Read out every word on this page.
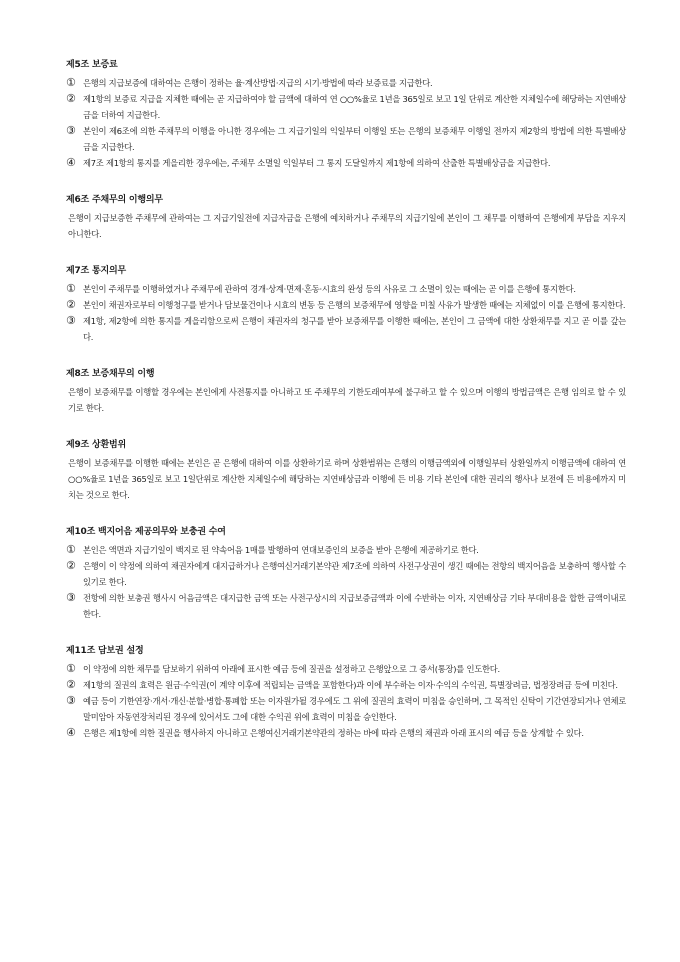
제5조 보증료
① 은행의 지급보증에 대하여는 은행이 정하는 율·계산방법·지급의 시기·방법에 따라 보증료를 지급한다.
② 제1항의 보증료 지급을 지체한 때에는 곧 지급하여야 할 금액에 대하여 연 ○○%율로 1년을 365일로 보고 1일 단위로 계산한 지체일수에 해당하는 지연배상금을 더하여 지급한다.
③ 본인이 제6조에 의한 주채무의 이행을 아니한 경우에는 그 지급기일의 익일부터 이행일 또는 은행의 보증채무 이행일 전까지 제2항의 방법에 의한 특별배상금을 지급한다.
④ 제7조 제1항의 통지를 게을리한 경우에는, 주채무 소멸일 익일부터 그 통지 도달일까지 제1항에 의하여 산출한 특별배상금을 지급한다.
제6조 주채무의 이행의무
은행이 지급보증한 주채무에 관하여는 그 지급기일전에 지급자금을 은행에 예치하거나 주채무의 지급기일에 본인이 그 채무를 이행하여 은행에게 부담을 지우지 아니한다.
제7조 통지의무
① 본인이 주채무를 이행하였거나 주채무에 관하여 경개·상계·면제·혼동·시효의 완성 등의 사유로 그 소멸이 있는 때에는 곧 이를 은행에 통지한다.
② 본인이 채권자로부터 이행청구를 받거나 담보물건이나 시효의 변동 등 은행의 보증채무에 영향을 미칠 사유가 발생한 때에는 지체없이 이를 은행에 통지한다.
③ 제1항, 제2항에 의한 통지를 게을리함으로써 은행이 채권자의 청구를 받아 보증채무를 이행한 때에는, 본인이 그 금액에 대한 상환채무를 지고 곧 이를 갚는다.
제8조 보증채무의 이행
은행이 보증채무를 이행할 경우에는 본인에게 사전통지를 아니하고 또 주채무의 기한도래여부에 불구하고 할 수 있으며 이행의 방법금액은 은행 임의로 할 수 있기로 한다.
제9조 상환범위
은행이 보증채무를 이행한 때에는 본인은 곧 은행에 대하여 이를 상환하기로 하며 상환범위는 은행의 이행금액외에 이행일부터 상환일까지 이행금액에 대하여 연 ○○%율로 1년을 365일로 보고 1일단위로 계산한 지체일수에 해당하는 지연배상금과 이행에 든 비용 기타 본인에 대한 권리의 행사나 보전에 든 비용에까지 미치는 것으로 한다.
제10조 백지어음 제공의무와 보충권 수여
① 본인은 액면과 지급기일이 백지로 된 약속어음 1매를 발행하여 연대보증인의 보증을 받아 은행에 제공하기로 한다.
② 은행이 이 약정에 의하여 채권자에게 대지급하거나 은행여신거래기본약관 제7조에 의하여 사전구상권이 생긴 때에는 전항의 백지어음을 보충하여 행사할 수 있기로 한다.
③ 전항에 의한 보충권 행사시 어음금액은 대지급한 금액 또는 사전구상시의 지급보증금액과 이에 수반하는 이자, 지연배상금 기타 부대비용을 합한 금액이내로 한다.
제11조 담보권 설정
① 이 약정에 의한 채무를 담보하기 위하여 아래에 표시한 예금 등에 질권을 설정하고 은행앞으로 그 증서(통장)를 인도한다.
② 제1항의 질권의 효력은 원금·수익권(이 계약 이후에 적립되는 금액을 포함한다)과 이에 부수하는 이자·수익의 수익권, 특별장려금, 법정장려금 등에 미친다.
③ 예금 등이 기한연장·개서·개신·분할·병합·통폐합 또는 이자원가될 경우에도 그 위에 질권의 효력이 미침을 승인하며, 그 목적인 신탁이 기간연장되거나 연체로 말미암아 자동연장처리된 경우에 있어서도 그에 대한 수익권 위에 효력이 미침을 승인한다.
④ 은행은 제1항에 의한 질권을 행사하지 아니하고 은행여신거래기본약관의 정하는 바에 따라 은행의 채권과 아래 표시의 예금 등을 상계할 수 있다.
